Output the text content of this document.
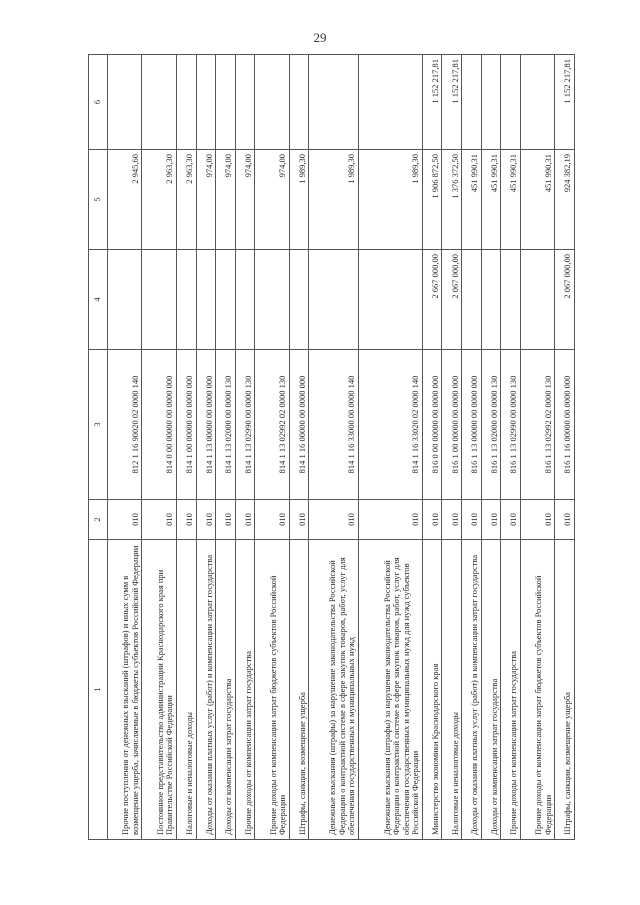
29
1	2	3	4	5	6
Прочие поступления от денежных взысканий (штрафов) и иных сумм в возмещение ущерба, зачисляемые в бюджеты субъектов Российской Федерации	010	812 1 16 90020 02 0000 140		2 945,60	
Постоянное представительство администрации Краснодарского края при Правительстве Российской Федерации	010	814 0 00 00000 00 0000 000		2 963,30	
Налоговые и неналоговые доходы	010	814 1 00 00000 00 0000 000		2 963,30	
Доходы от оказания платных услуг (работ) и компенсации затрат государства	010	814 1 13 00000 00 0000 000		974,00	
Доходы от компенсации затрат государства	010	814 1 13 02000 00 0000 130		974,00	
Прочие доходы от компенсации затрат государства	010	814 1 13 02990 00 0000 130		974,00	
Прочие доходы от компенсации затрат бюджетов субъектов Российской Федерации	010	814 1 13 02992 02 0000 130		974,00	
Штрафы, санкции, возмещение ущерба	010	814 1 16 00000 00 0000 000		1 989,30	
Денежные взыскания (штрафы) за нарушение законодательства Российской Федерации о контрактной системе в сфере закупок товаров, работ, услуг для обеспечения государственных и муниципальных нужд	010	814 1 16 33000 00 0000 140		1 989,30	
Денежные взыскания (штрафы) за нарушение законодательства Российской Федерации о контрактной системе в сфере закупок товаров, работ, услуг для обеспечения государственных и муниципальных нужд для нужд субъектов Российской Федерации	010	814 1 16 33020 02 0000 140		1 989,30	
Министерство экономики Краснодарского края	010	816 0 00 00000 00 0000 000	2 667 000,00	1 906 872,50	1 152 217,81
Налоговые и неналоговые доходы	010	816 1 00 00000 00 0000 000	2 067 000,00	1 376 372,50	1 152 217,81
Доходы от оказания платных услуг (работ) и компенсации затрат государства	010	816 1 13 00000 00 0000 000		451 990,31	
Доходы от компенсации затрат государства	010	816 1 13 02000 00 0000 130		451 990,31	
Прочие доходы от компенсации затрат государства	010	816 1 13 02990 00 0000 130		451 990,31	
Прочие доходы от компенсации затрат бюджетов субъектов Российской Федерации	010	816 1 13 02992 02 0000 130		451 990,31	
Штрафы, санкции, возмещение ущерба	010	816 1 16 00000 00 0000 000	2 067 000,00	924 382,19	1 152 217,81
